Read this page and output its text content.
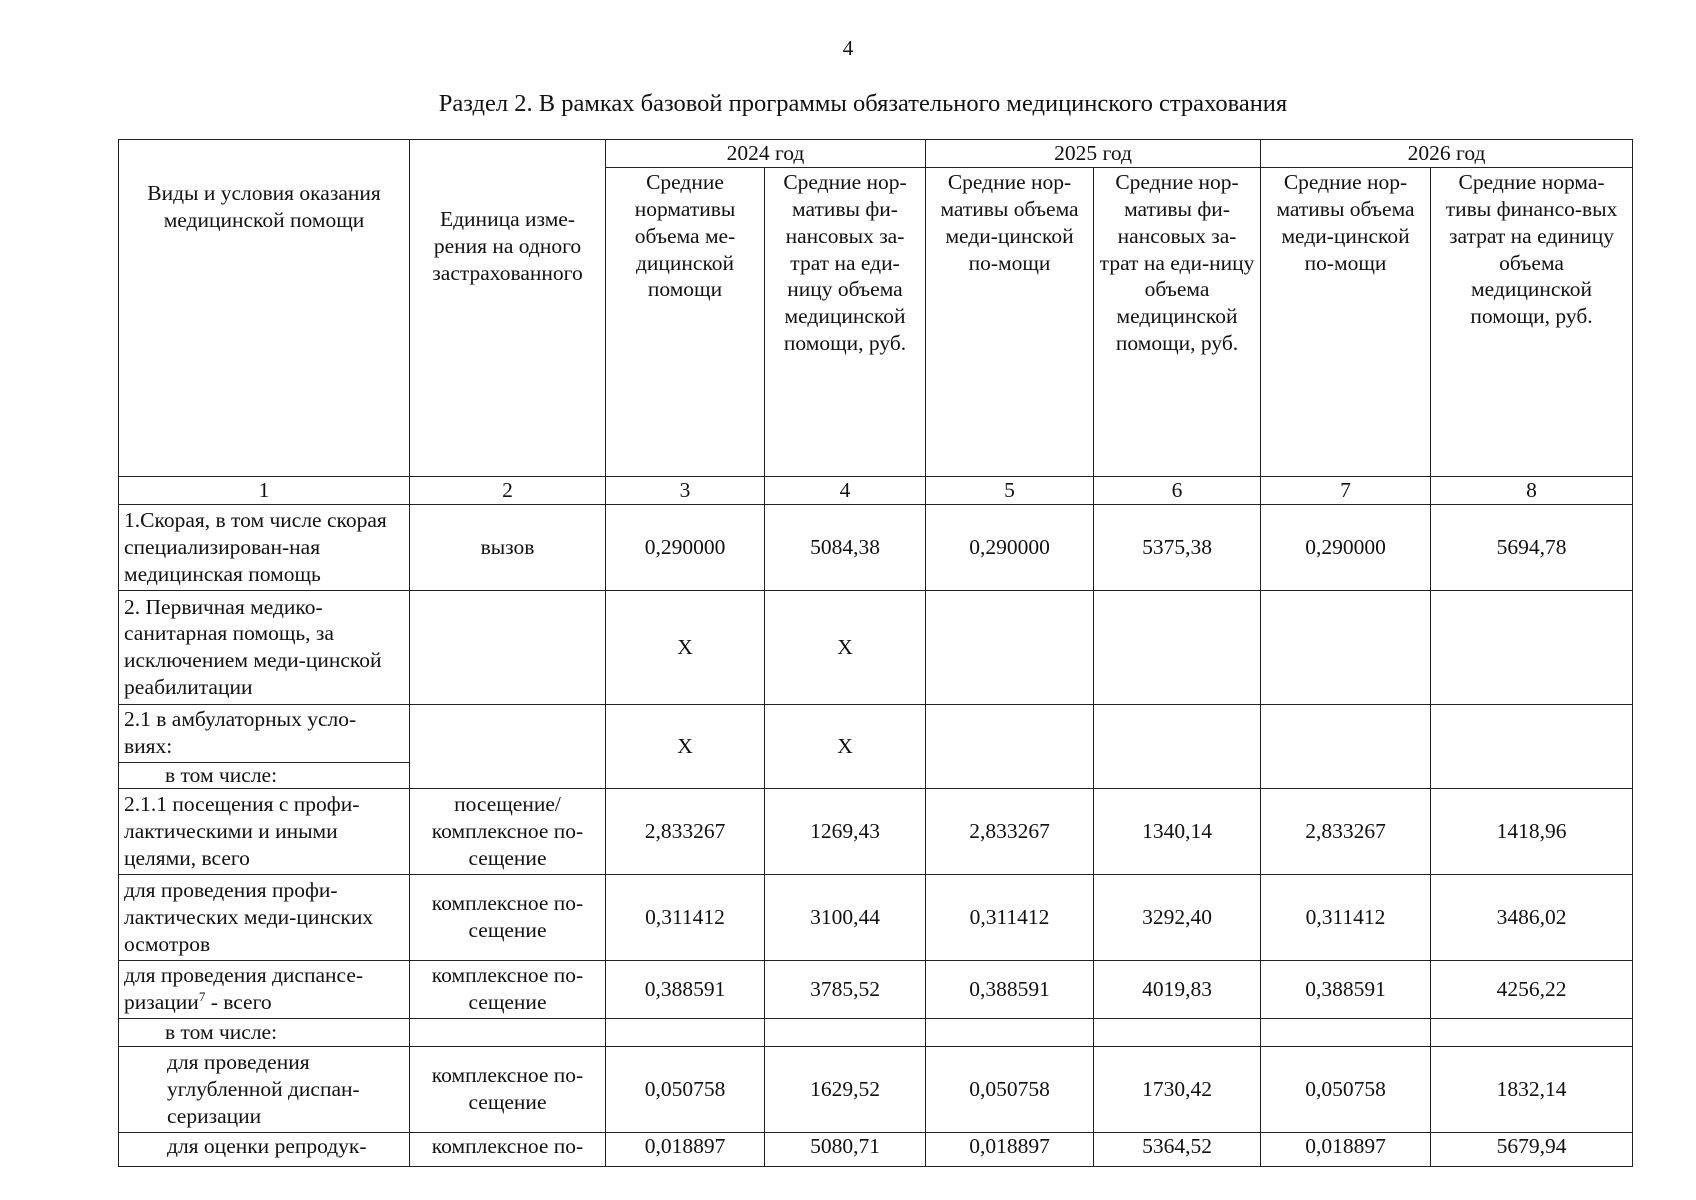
4
Раздел 2. В рамках базовой программы обязательного медицинского страхования
Виды и условия оказания медицинской помощи	Единица изме-рения на одного застрахованного	2024 год		2025 год		2026 год	
		Средние нормативы объема ме-дицинской помощи	Средние нор-мативы фи-нансовых за-трат на еди-ницу объема медицинской помощи, руб.	Средние нор-мативы объема меди-цинской по-мощи	Средние нор-мативы фи-нансовых за-трат на еди-ницу объема медицинской помощи, руб.	Средние нор-мативы объема меди-цинской по-мощи	Средние норма-тивы финансо-вых затрат на единицу объема медицинской помощи, руб.
1	2	3	4	5	6	7	8
1.Скорая, в том числе скорая специализирован-ная медицинская помощь	вызов	0,290000	5084,38	0,290000	5375,38	0,290000	5694,78
2. Первичная медико-санитарная помощь, за исключением меди-цинской реабилитации		X	X				
2.1 в амбулаторных усло-виях:		X	X				
в том числе:							
2.1.1 посещения с профи-лактическими и иными целями, всего	посещение/ комплексное по-сещение	2,833267	1269,43	2,833267	1340,14	2,833267	1418,96
для проведения профи-лактических меди-цинских осмотров	комплексное по-сещение	0,311412	3100,44	0,311412	3292,40	0,311412	3486,02
для проведения диспансе-ризации$^7$ - всего	комплексное по-сещение	0,388591	3785,52	0,388591	4019,83	0,388591	4256,22
в том числе:							
для проведения углубленной диспан-серизации	комплексное по-сещение	0,050758	1629,52	0,050758	1730,42	0,050758	1832,14
для оценки репродук-	комплексное по-	0,018897	5080,71	0,018897	5364,52	0,018897	5679,94
